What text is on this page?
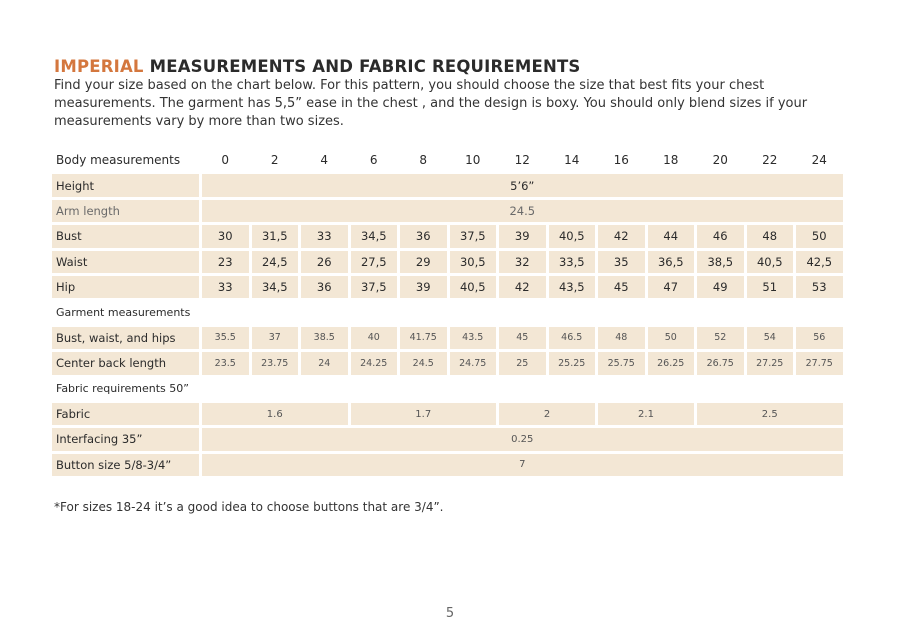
IMPERIAL MEASUREMENTS AND FABRIC REQUIREMENTS

Find your size based on the chart below. For this pattern, you should choose the size that best fits your chest
measurements. The garment has 5,5” ease in the chest , and the design is boxy. You should only blend sizes if your
measurements vary by more than two sizes.

Body measurements	0	2	4	6	8	10	12	14	16	18	20	22	24
Height	5’6”												
Arm length	24.5												
Bust	30	31,5	33	34,5	36	37,5	39	40,5	42	44	46	48	50
Waist	23	24,5	26	27,5	29	30,5	32	33,5	35	36,5	38,5	40,5	42,5
Hip	33	34,5	36	37,5	39	40,5	42	43,5	45	47	49	51	53
Garment measurements													
Bust, waist, and hips	35.5	37	38.5	40	41.75	43.5	45	46.5	48	50	52	54	56
Center back length	23.5	23.75	24	24.25	24.5	24.75	25	25.25	25.75	26.25	26.75	27.25	27.75
Fabric requirements 50”													
Fabric	1.6			1.7			2		2.1		2.5		
Interfacing 35”	0.25												
Button size 5/8-3/4”	7												

*For sizes 18-24 it’s a good idea to choose buttons that are 3/4”.

5
